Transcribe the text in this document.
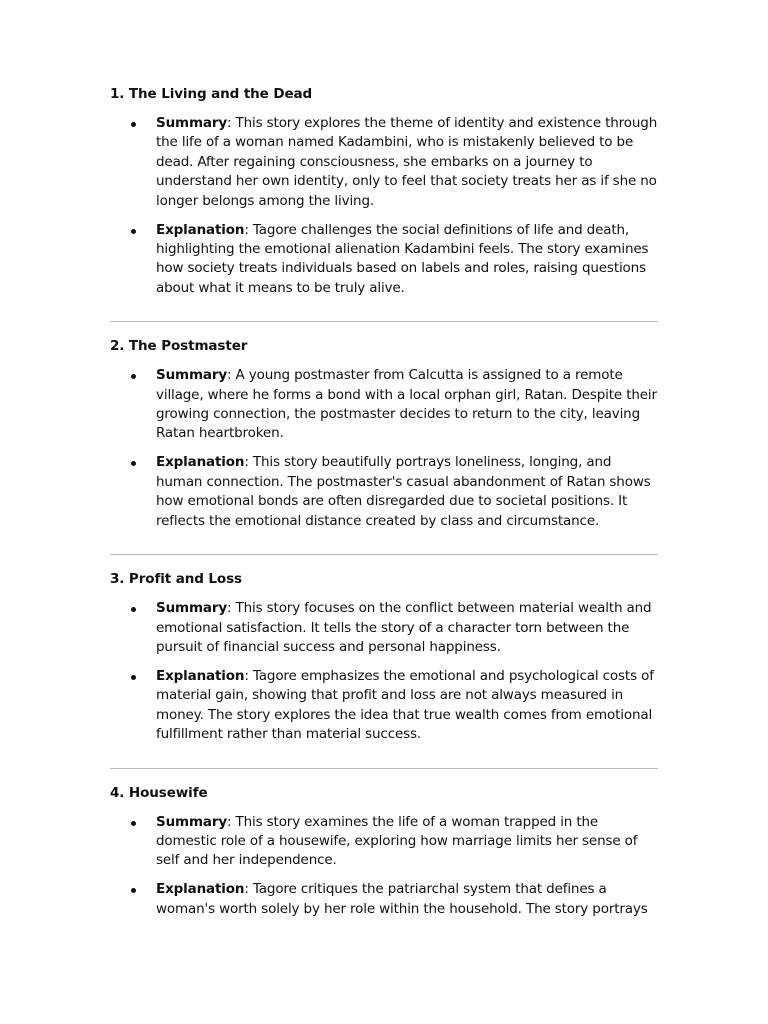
1. The Living and the Dead
Summary: This story explores the theme of identity and existence through the life of a woman named Kadambini, who is mistakenly believed to be dead. After regaining consciousness, she embarks on a journey to understand her own identity, only to feel that society treats her as if she no longer belongs among the living.
Explanation: Tagore challenges the social definitions of life and death, highlighting the emotional alienation Kadambini feels. The story examines how society treats individuals based on labels and roles, raising questions about what it means to be truly alive.
2. The Postmaster
Summary: A young postmaster from Calcutta is assigned to a remote village, where he forms a bond with a local orphan girl, Ratan. Despite their growing connection, the postmaster decides to return to the city, leaving Ratan heartbroken.
Explanation: This story beautifully portrays loneliness, longing, and human connection. The postmaster's casual abandonment of Ratan shows how emotional bonds are often disregarded due to societal positions. It reflects the emotional distance created by class and circumstance.
3. Profit and Loss
Summary: This story focuses on the conflict between material wealth and emotional satisfaction. It tells the story of a character torn between the pursuit of financial success and personal happiness.
Explanation: Tagore emphasizes the emotional and psychological costs of material gain, showing that profit and loss are not always measured in money. The story explores the idea that true wealth comes from emotional fulfillment rather than material success.
4. Housewife
Summary: This story examines the life of a woman trapped in the domestic role of a housewife, exploring how marriage limits her sense of self and her independence.
Explanation: Tagore critiques the patriarchal system that defines a woman's worth solely by her role within the household. The story portrays
